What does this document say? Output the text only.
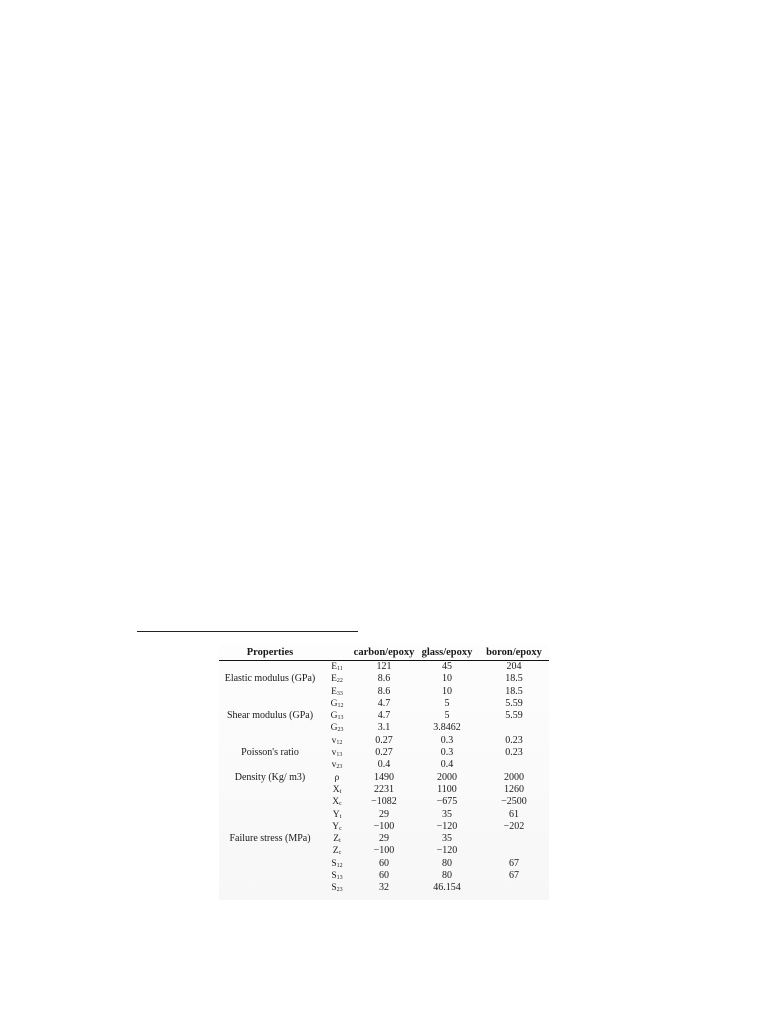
Properties		carbon/epoxy	glass/epoxy	boron/epoxy
Elastic modulus (GPa)	$E_{11}$	121	45	204
	$E_{22}$	8.6	10	18.5
	$E_{33}$	8.6	10	18.5
Shear modulus (GPa)	$G_{12}$	4.7	5	5.59
	$G_{13}$	4.7	5	5.59
	$G_{23}$	3.1	3.8462	
Poisson's ratio	$v_{12}$	0.27	0.3	0.23
	$v_{13}$	0.27	0.3	0.23
	$v_{23}$	0.4	0.4	
Density (Kg/ m3)	ρ	1490	2000	2000
Failure stress (MPa)	$X_t$	2231	1100	1260
	$X_c$	−1082	−675	−2500
	$Y_t$	29	35	61
	$Y_c$	−100	−120	−202
	$Z_t$	29	35	
	$Z_c$	−100	−120	
	$S_{12}$	60	80	67
	$S_{13}$	60	80	67
	$S_{23}$	32	46.154	
